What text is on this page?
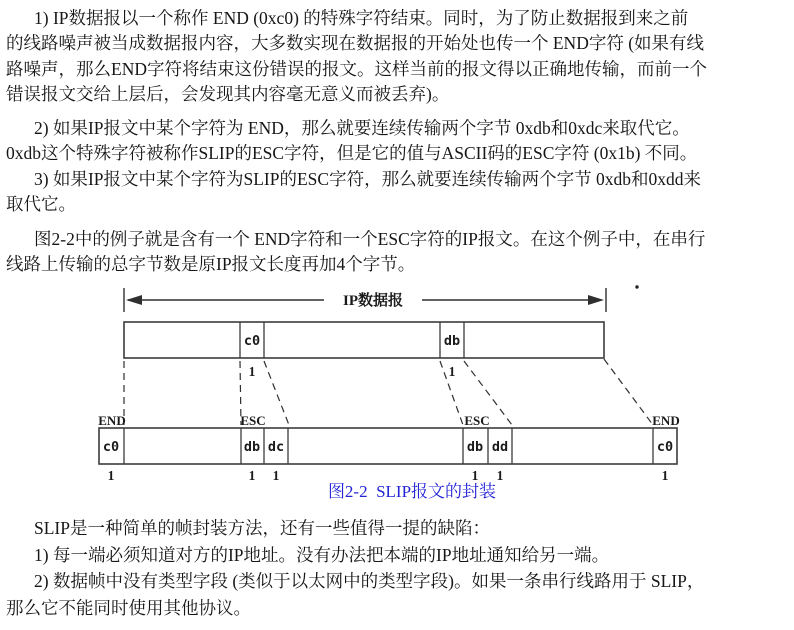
1) IP数据报以一个称作 END (0xc0) 的特殊字符结束。同时，为了防止数据报到来之前
的线路噪声被当成数据报内容，大多数实现在数据报的开始处也传一个 END字符 (如果有线
路噪声，那么END字符将结束这份错误的报文。这样当前的报文得以正确地传输，而前一个
错误报文交给上层后，会发现其内容毫无意义而被丢弃)。
2) 如果IP报文中某个字符为 END，那么就要连续传输两个字节 0xdb和0xdc来取代它。
0xdb这个特殊字符被称作SLIP的ESC字符，但是它的值与ASCII码的ESC字符 (0x1b) 不同。
3) 如果IP报文中某个字符为SLIP的ESC字符，那么就要连续传输两个字节 0xdb和0xdd来
取代它。
图2-2中的例子就是含有一个 END字符和一个ESC字符的IP报文。在这个例子中，在串行
线路上传输的总字节数是原IP报文长度再加4个字节。
IP数据报
c0	db
1	1
END	ESC	ESC	END
c0	db dc	db dd	c0
1	1 1	1 1	1
图2-2  SLIP报文的封装
SLIP是一种简单的帧封装方法，还有一些值得一提的缺陷：
1) 每一端必须知道对方的IP地址。没有办法把本端的IP地址通知给另一端。
2) 数据帧中没有类型字段 (类似于以太网中的类型字段)。如果一条串行线路用于 SLIP，
那么它不能同时使用其他协议。
